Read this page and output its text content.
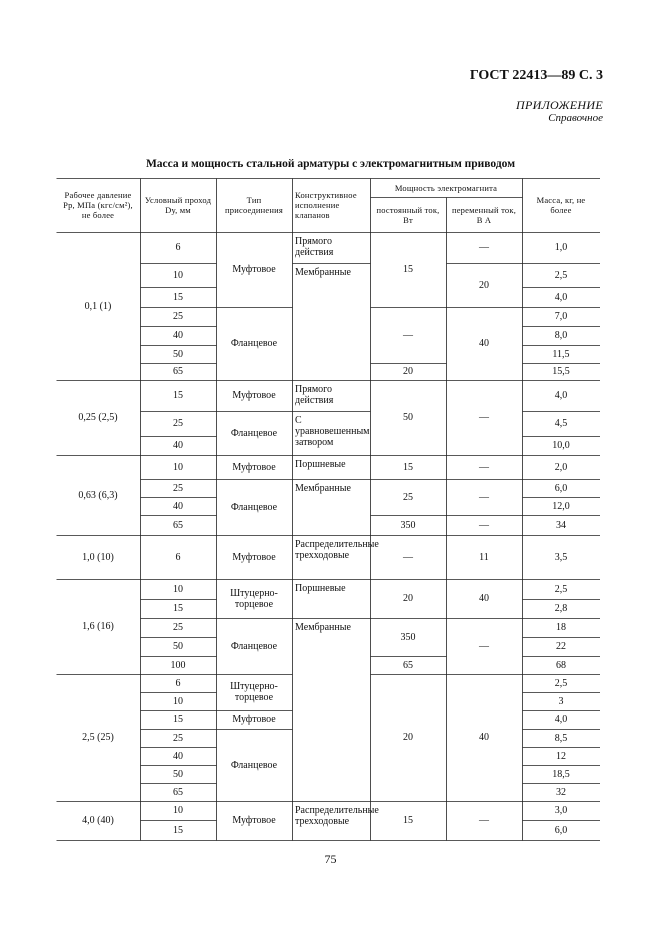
ГОСТ 22413—89 С. 3
ПРИЛОЖЕНИЕ
Справочное
Масса и мощность стальной арматуры с электромагнитным приводом
Рабочее давление Pр, МПа (кгс/см²), не более
Условный проход Dу, мм
Тип присоединения
Конструктивное исполнение клапанов
Мощность электромагнита
постоянный ток, Вт
переменный ток, В А
Масса, кг, не более
0,1 (1)
0,25 (2,5)
0,63 (6,3)
1,0 (10)
1,6 (16)
2,5 (25)
4,0 (40)
6
10
15
25
40
50
65
15
25
40
10
25
40
65
6
10
15
25
50
100
6
10
15
25
40
50
65
10
15
Муфтовое
Фланцевое
Муфтовое
Фланцевое
Муфтовое
Фланцевое
Муфтовое
Штуцерно-торцевое
Фланцевое
Штуцерно-торцевое
Муфтовое
Фланцевое
Муфтовое
Прямого действия
Мембранные
Прямого действия
С уравновешенным затвором
Поршневые
Мембранные
Распределительные трехходовые
Поршневые
Мембранные
Распределительные трехходовые
15
—
20
50
15
25
350
—
20
350
65
20
15
—
20
40
—
—
—
—
11
40
—
40
—
1,0
2,5
4,0
7,0
8,0
11,5
15,5
4,0
4,5
10,0
2,0
6,0
12,0
34
3,5
2,5
2,8
18
22
68
2,5
3
4,0
8,5
12
18,5
32
3,0
6,0
75
